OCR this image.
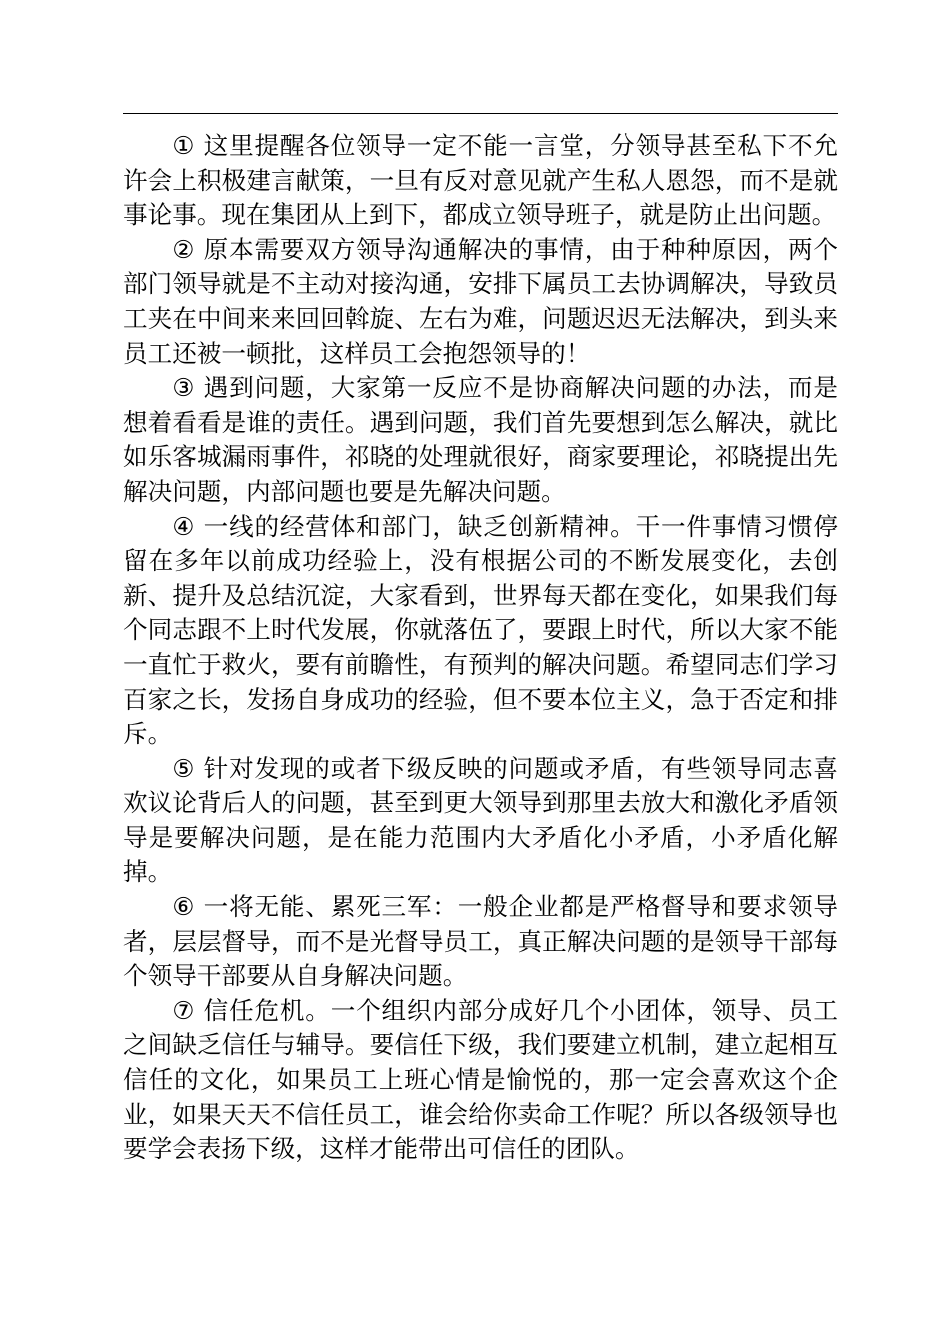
① 这里提醒各位领导一定不能一言堂，分领导甚至私下不允许会上积极建言献策，一旦有反对意见就产生私人恩怨，而不是就事论事。现在集团从上到下，都成立领导班子，就是防止出问题。

② 原本需要双方领导沟通解决的事情，由于种种原因，两个部门领导就是不主动对接沟通，安排下属员工去协调解决，导致员工夹在中间来来回回斡旋、左右为难，问题迟迟无法解决，到头来员工还被一顿批，这样员工会抱怨领导的！

③ 遇到问题，大家第一反应不是协商解决问题的办法，而是想着看看是谁的责任。遇到问题，我们首先要想到怎么解决，就比如乐客城漏雨事件，祁晓的处理就很好，商家要理论，祁晓提出先解决问题，内部问题也要是先解决问题。

④ 一线的经营体和部门，缺乏创新精神。干一件事情习惯停留在多年以前成功经验上，没有根据公司的不断发展变化，去创新、提升及总结沉淀，大家看到，世界每天都在变化，如果我们每个同志跟不上时代发展，你就落伍了，要跟上时代，所以大家不能一直忙于救火，要有前瞻性，有预判的解决问题。希望同志们学习百家之长，发扬自身成功的经验，但不要本位主义，急于否定和排斥。

⑤ 针对发现的或者下级反映的问题或矛盾，有些领导同志喜欢议论背后人的问题，甚至到更大领导到那里去放大和激化矛盾领导是要解决问题，是在能力范围内大矛盾化小矛盾，小矛盾化解掉。

⑥ 一将无能、累死三军：一般企业都是严格督导和要求领导者，层层督导，而不是光督导员工，真正解决问题的是领导干部每个领导干部要从自身解决问题。

⑦ 信任危机。一个组织内部分成好几个小团体，领导、员工之间缺乏信任与辅导。要信任下级，我们要建立机制，建立起相互信任的文化，如果员工上班心情是愉悦的，那一定会喜欢这个企业，如果天天不信任员工，谁会给你卖命工作呢？所以各级领导也要学会表扬下级，这样才能带出可信任的团队。
